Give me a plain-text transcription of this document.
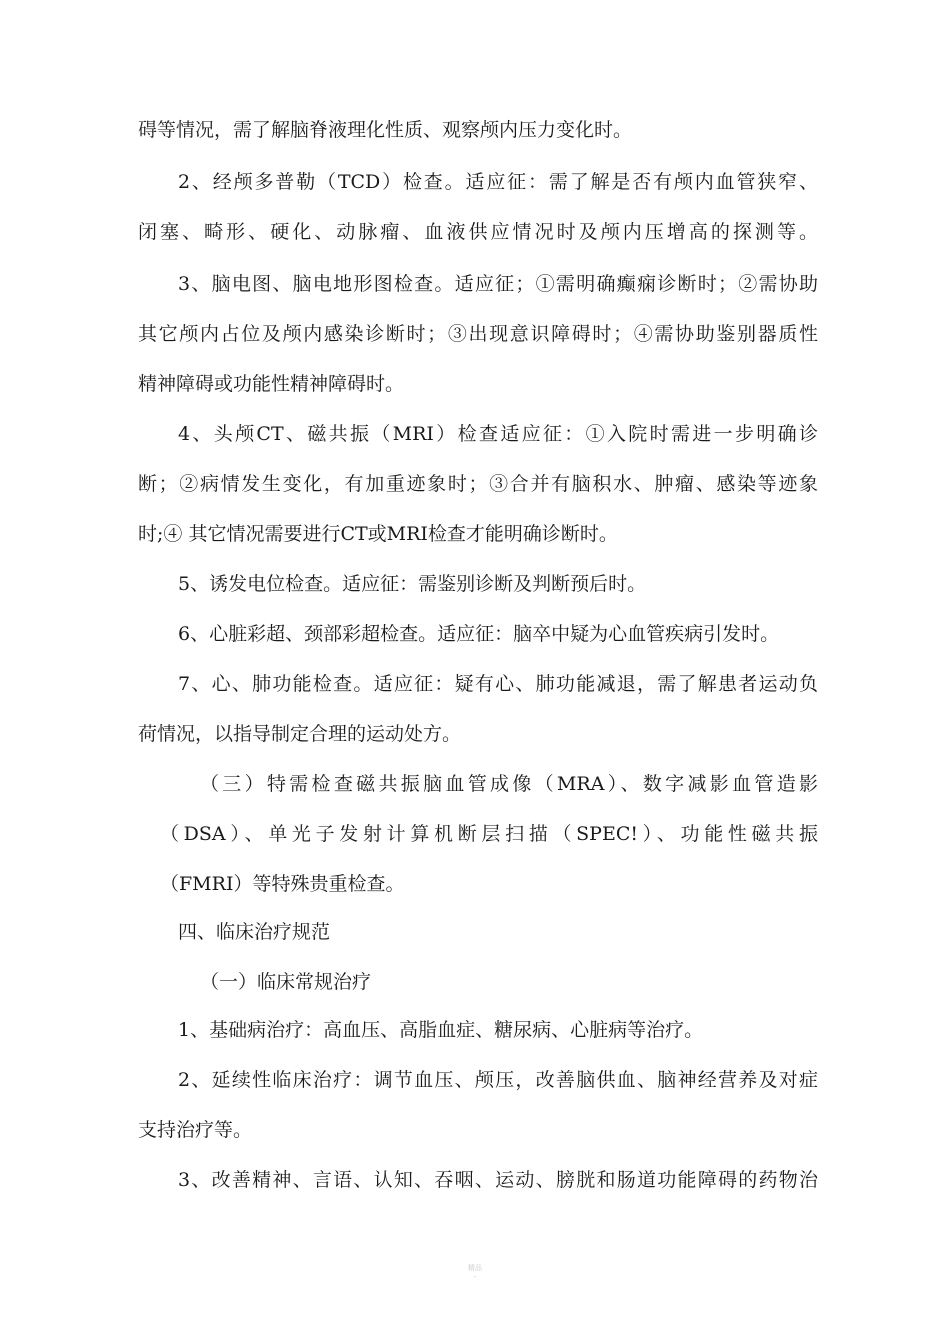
碍等情况，需了解脑脊液理化性质、观察颅内压力变化时。
2、经颅多普勒（TCD）检查。适应征：需了解是否有颅内血管狭窄、
闭塞、畸形、硬化、动脉瘤、血液供应情况时及颅内压增高的探测等。
3、脑电图、脑电地形图检查。适应征；①需明确癫痫诊断时；②需协助
其它颅内占位及颅内感染诊断时；③出现意识障碍时；④需协助鉴别器质性
精神障碍或功能性精神障碍时。
4、头颅CT、磁共振（MRI）检查适应征：①入院时需进一步明确诊
断；②病情发生变化，有加重迹象时；③合并有脑积水、肿瘤、感染等迹象
时;④ 其它情况需要进行CT或MRI检查才能明确诊断时。
5、诱发电位检查。适应征：需鉴别诊断及判断预后时。
6、心脏彩超、颈部彩超检查。适应征：脑卒中疑为心血管疾病引发时。
7、心、肺功能检查。适应征：疑有心、肺功能减退，需了解患者运动负
荷情况，以指导制定合理的运动处方。
（三）特需检查磁共振脑血管成像（MRA）、数字减影血管造影
（DSA）、单光子发射计算机断层扫描（SPEC!）、功能性磁共振
（FMRI）等特殊贵重检查。
四、临床治疗规范
（一）临床常规治疗
1、基础病治疗：高血压、高脂血症、糖尿病、心脏病等治疗。
2、延续性临床治疗：调节血压、颅压，改善脑供血、脑神经营养及对症
支持治疗等。
3、改善精神、言语、认知、吞咽、运动、膀胱和肠道功能障碍的药物治
精品
-
